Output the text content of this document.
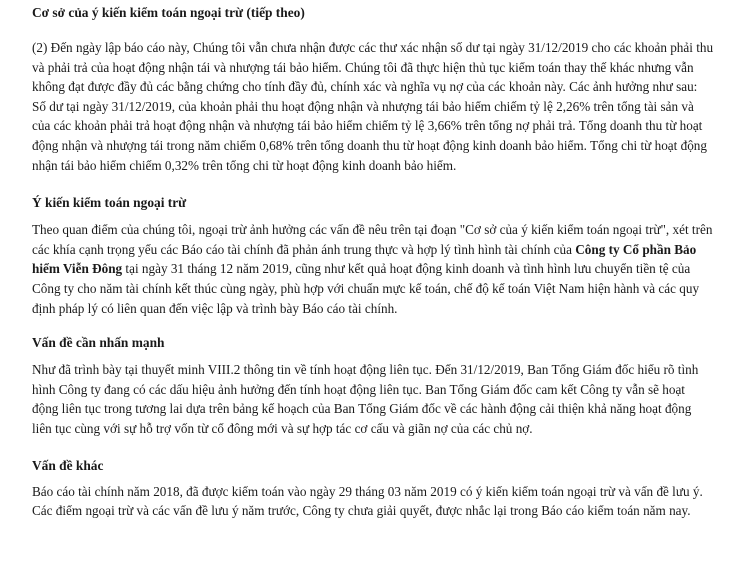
Cơ sở của ý kiến kiểm toán ngoại trừ (tiếp theo)

(2) Đến ngày lập báo cáo này, Chúng tôi vẫn chưa nhận được các thư xác nhận số dư tại ngày 31/12/2019 cho các khoản phải thu và phải trả của hoạt động nhận tái và nhượng tái bảo hiểm. Chúng tôi đã thực hiện thủ tục kiểm toán thay thế khác nhưng vẫn không đạt được đầy đủ các bằng chứng cho tính đầy đủ, chính xác và nghĩa vụ nợ của các khoản này. Các ảnh hưởng như sau: Số dư tại ngày 31/12/2019, của khoản phải thu hoạt động nhận và nhượng tái bảo hiểm chiếm tỷ lệ 2,26% trên tổng tài sản và của các khoản phải trả hoạt động nhận và nhượng tái bảo hiểm chiếm tỷ lệ 3,66% trên tổng nợ phải trả. Tổng doanh thu từ hoạt động nhận và nhượng tái trong năm chiếm 0,68% trên tổng doanh thu từ hoạt động kinh doanh bảo hiểm. Tổng chi từ hoạt động nhận tái bảo hiểm chiếm 0,32% trên tổng chi từ hoạt động kinh doanh bảo hiểm.

Ý kiến kiểm toán ngoại trừ

Theo quan điểm của chúng tôi, ngoại trừ ảnh hưởng các vấn đề nêu trên tại đoạn "Cơ sở của ý kiến kiểm toán ngoại trừ", xét trên các khía cạnh trọng yếu các Báo cáo tài chính đã phản ánh trung thực và hợp lý tình hình tài chính của Công ty Cổ phần Bảo hiểm Viễn Đông tại ngày 31 tháng 12 năm 2019, cũng như kết quả hoạt động kinh doanh và tình hình lưu chuyển tiền tệ của Công ty cho năm tài chính kết thúc cùng ngày, phù hợp với chuẩn mực kế toán, chế độ kế toán Việt Nam hiện hành và các quy định pháp lý có liên quan đến việc lập và trình bày Báo cáo tài chính.

Vấn đề cần nhấn mạnh

Như đã trình bày tại thuyết minh VIII.2 thông tin về tính hoạt động liên tục. Đến 31/12/2019, Ban Tổng Giám đốc hiểu rõ tình hình Công ty đang có các dấu hiệu ảnh hưởng đến tính hoạt động liên tục. Ban Tổng Giám đốc cam kết Công ty vẫn sẽ hoạt động liên tục trong tương lai dựa trên bảng kế hoạch của Ban Tổng Giám đốc về các hành động cải thiện khả năng hoạt động liên tục cùng với sự hỗ trợ vốn từ cổ đông mới và sự hợp tác cơ cấu và giãn nợ của các chủ nợ.

Vấn đề khác

Báo cáo tài chính năm 2018, đã được kiểm toán vào ngày 29 tháng 03 năm 2019 có ý kiến kiểm toán ngoại trừ và vấn đề lưu ý. Các điểm ngoại trừ và các vấn đề lưu ý năm trước, Công ty chưa giải quyết, được nhắc lại trong Báo cáo kiểm toán năm nay.
